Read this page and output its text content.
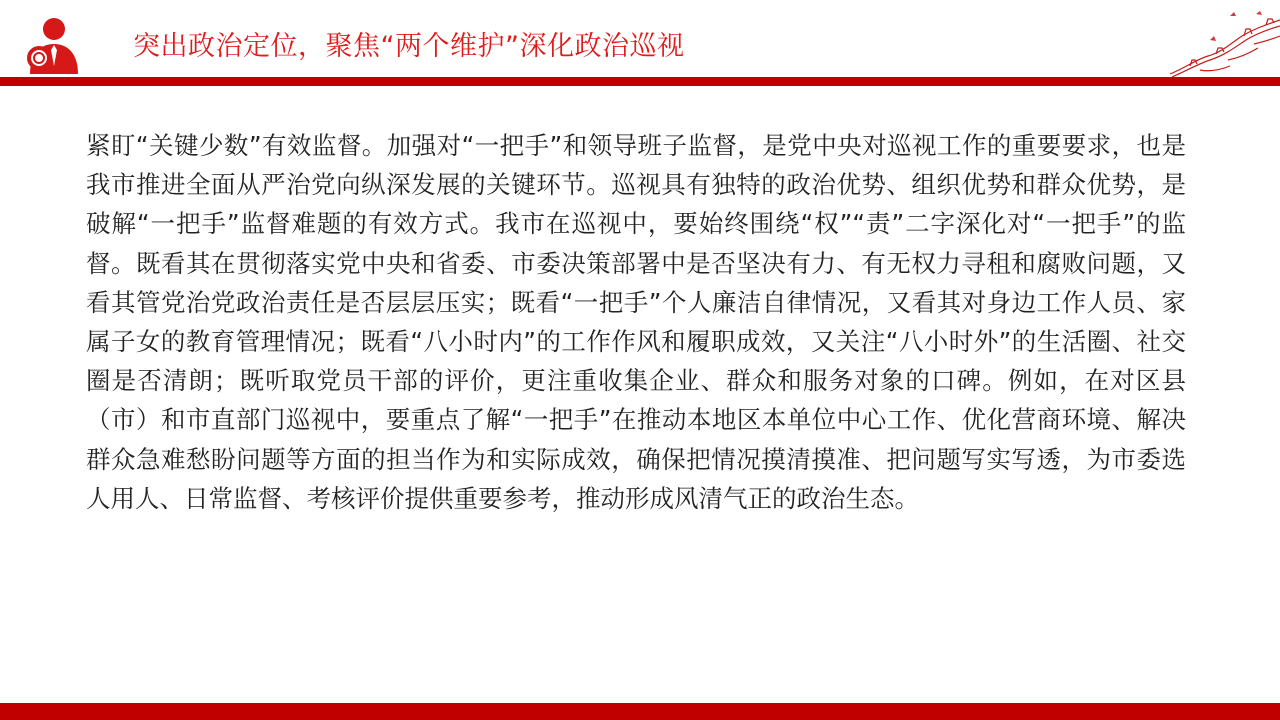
突出政治定位，聚焦“两个维护”深化政治巡视
紧盯“关键少数”有效监督。加强对“一把手”和领导班子监督，是党中央对巡视工作的重要要求，也是我市推进全面从严治党向纵深发展的关键环节。巡视具有独特的政治优势、组织优势和群众优势，是破解“一把手”监督难题的有效方式。我市在巡视中，要始终围绕“权”“责”二字深化对“一把手”的监督。既看其在贯彻落实党中央和省委、市委决策部署中是否坚决有力、有无权力寻租和腐败问题，又看其管党治党政治责任是否层层压实；既看“一把手”个人廉洁自律情况，又看其对身边工作人员、家属子女的教育管理情况；既看“八小时内”的工作作风和履职成效，又关注“八小时外”的生活圈、社交圈是否清朗；既听取党员干部的评价，更注重收集企业、群众和服务对象的口碑。例如，在对区县（市）和市直部门巡视中，要重点了解“一把手”在推动本地区本单位中心工作、优化营商环境、解决群众急难愁盼问题等方面的担当作为和实际成效，确保把情况摸清摸准、把问题写实写透，为市委选人用人、日常监督、考核评价提供重要参考，推动形成风清气正的政治生态。
